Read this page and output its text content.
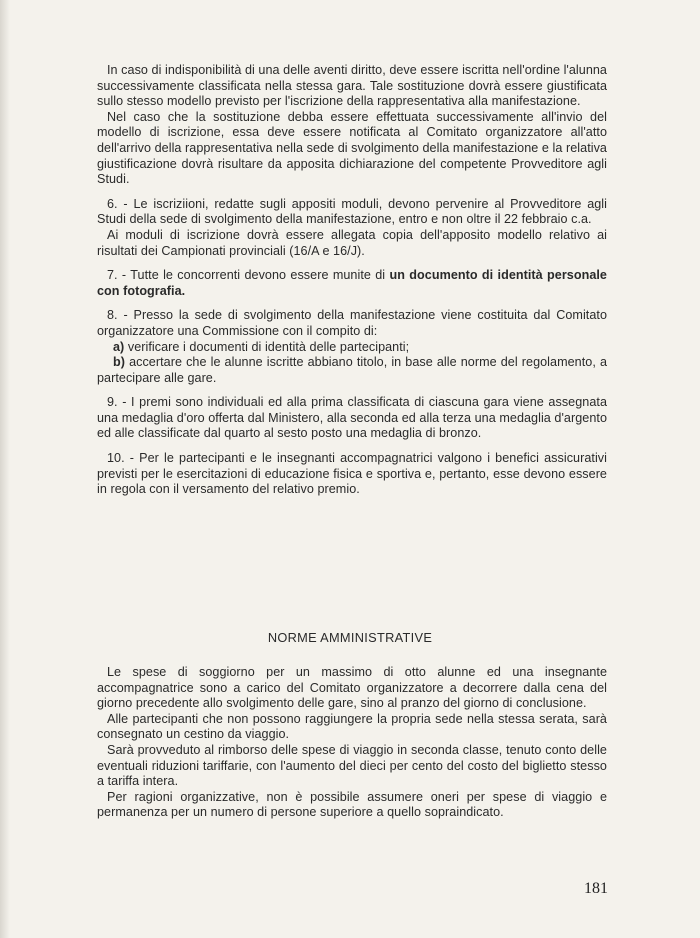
In caso di indisponibilità di una delle aventi diritto, deve essere iscritta nell'ordine l'alunna successivamente classificata nella stessa gara. Tale sostituzione dovrà essere giustificata sullo stesso modello previsto per l'iscrizione della rappresentativa alla manifestazione.

Nel caso che la sostituzione debba essere effettuata successivamente all'invio del modello di iscrizione, essa deve essere notificata al Comitato organizzatore all'atto dell'arrivo della rappresentativa nella sede di svolgimento della manifestazione e la relativa giustificazione dovrà risultare da apposita dichiarazione del competente Provveditore agli Studi.

6. - Le iscriziioni, redatte sugli appositi moduli, devono pervenire al Provveditore agli Studi della sede di svolgimento della manifestazione, entro e non oltre il 22 febbraio c.a.

Ai moduli di iscrizione dovrà essere allegata copia dell'apposito modello relativo ai risultati dei Campionati provinciali (16/A e 16/J).

7. - Tutte le concorrenti devono essere munite di un documento di identità personale con fotografia.

8. - Presso la sede di svolgimento della manifestazione viene costituita dal Comitato organizzatore una Commissione con il compito di:

a) verificare i documenti di identità delle partecipanti;

b) accertare che le alunne iscritte abbiano titolo, in base alle norme del regolamento, a partecipare alle gare.

9. - I premi sono individuali ed alla prima classificata di ciascuna gara viene assegnata una medaglia d'oro offerta dal Ministero, alla seconda ed alla terza una medaglia d'argento ed alle classificate dal quarto al sesto posto una medaglia di bronzo.

10. - Per le partecipanti e le insegnanti accompagnatrici valgono i benefici assicurativi previsti per le esercitazioni di educazione fisica e sportiva e, pertanto, esse devono essere in regola con il versamento del relativo premio.

NORME AMMINISTRATIVE

Le spese di soggiorno per un massimo di otto alunne ed una insegnante accompagnatrice sono a carico del Comitato organizzatore a decorrere dalla cena del giorno precedente allo svolgimento delle gare, sino al pranzo del giorno di conclusione.

Alle partecipanti che non possono raggiungere la propria sede nella stessa serata, sarà consegnato un cestino da viaggio.

Sarà provveduto al rimborso delle spese di viaggio in seconda classe, tenuto conto delle eventuali riduzioni tariffarie, con l'aumento del dieci per cento del costo del biglietto stesso a tariffa intera.

Per ragioni organizzative, non è possibile assumere oneri per spese di viaggio e permanenza per un numero di persone superiore a quello sopraindicato.

181
